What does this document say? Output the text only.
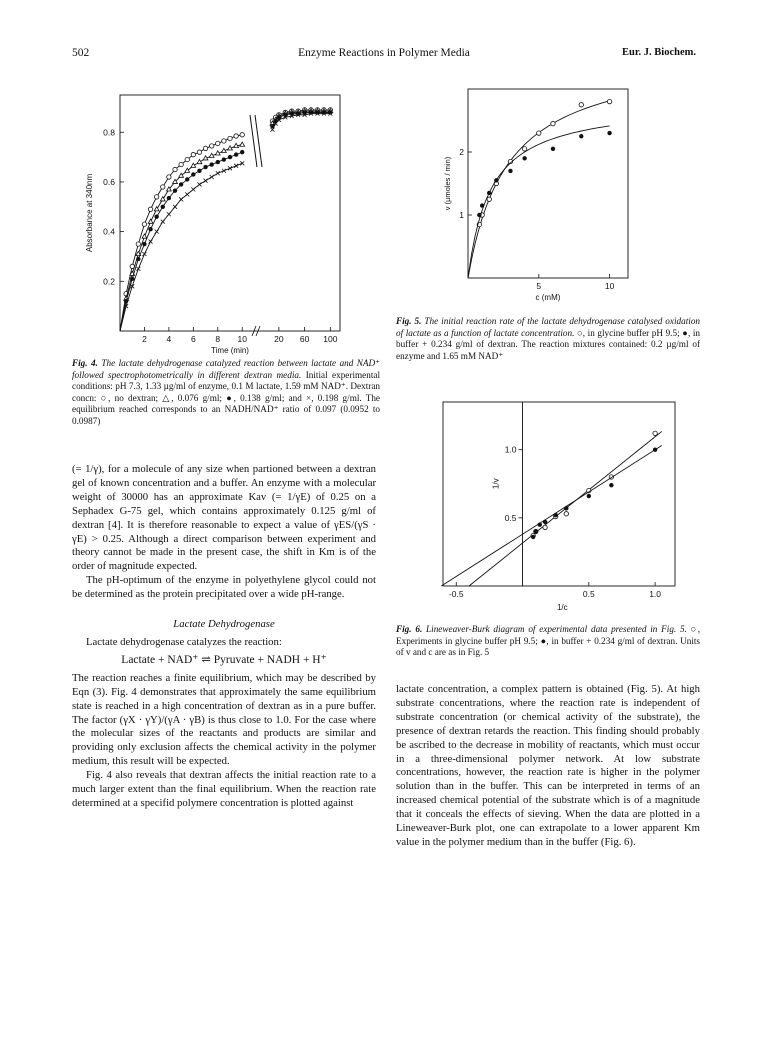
502	Enzyme Reactions in Polymer Media	Eur. J. Biochem.
0.2
0.4
0.6
0.8
2 4 6 8 10	20 60 100
Time (min)
Absorbance at 340nm
Fig. 4. The lactate dehydrogenase catalyzed reaction between lactate and NAD⁺ followed spectrophotometrically in different dextran media. Initial experimental conditions: pH 7.3, 1.33 µg/ml of enzyme, 0.1 M lactate, 1.59 mM NAD⁺. Dextran concn: ○, no dextran; △, 0.076 g/ml; ●, 0.138 g/ml; and ×, 0.198 g/ml. The equilibrium reached corresponds to an NADH/NAD⁺ ratio of 0.097 (0.0952 to 0.0987)
1
2
5	10
c (mM)
v (µmoles / min)
Fig. 5. The initial reaction rate of the lactate dehydrogenase catalysed oxidation of lactate as a function of lactate concentration. ○, in glycine buffer pH 9.5; ●, in buffer + 0.234 g/ml of dextran. The reaction mixtures contained: 0.2 µg/ml of enzyme and 1.65 mM NAD⁺
0.5
1.0
-0.5	0.5	1.0
1/c
1/v
Fig. 6. Lineweaver-Burk diagram of experimental data presented in Fig. 5. ○, Experiments in glycine buffer pH 9.5; ●, in buffer + 0.234 g/ml of dextran. Units of v and c are as in Fig. 5

(= 1/γ), for a molecule of any size when partioned between a dextran gel of known concentration and a buffer. An enzyme with a molecular weight of 30000 has an approximate Kav (= 1/γE) of 0.25 on a Sephadex G-75 gel, which contains approximately 0.125 g/ml of dextran [4]. It is therefore reasonable to expect a value of γES/(γS · γE) > 0.25. Although a direct comparison between experiment and theory cannot be made in the present case, the shift in Km is of the order of magnitude expected.

The pH-optimum of the enzyme in polyethylene glycol could not be determined as the protein precipitated over a wide pH-range.

Lactate Dehydrogenase

Lactate dehydrogenase catalyzes the reaction:

Lactate + NAD⁺ ⇌ Pyruvate + NADH + H⁺

The reaction reaches a finite equilibrium, which may be described by Eqn (3). Fig. 4 demonstrates that approximately the same equilibrium state is reached in a high concentration of dextran as in a pure buffer. The factor (γX · γY)/(γA · γB) is thus close to 1.0. For the case where the molecular sizes of the reactants and products are similar and providing only exclusion affects the chemical activity in the polymer medium, this result will be expected.

Fig. 4 also reveals that dextran affects the initial reaction rate to a much larger extent than the final equilibrium. When the reaction rate determined at a specifid polymere concentration is plotted against

lactate concentration, a complex pattern is obtained (Fig. 5). At high substrate concentrations, where the reaction rate is independent of substrate concentration (or chemical activity of the substrate), the presence of dextran retards the reaction. This finding should probably be ascribed to the decrease in mobility of reactants, which must occur in a three-dimensional polymer network. At low substrate concentrations, however, the reaction rate is higher in the polymer solution than in the buffer. This can be interpreted in terms of an increased chemical potential of the substrate which is of a magnitude that it conceals the effects of sieving. When the data are plotted in a Lineweaver-Burk plot, one can extrapolate to a lower apparent Km value in the polymer medium than in the buffer (Fig. 6).
